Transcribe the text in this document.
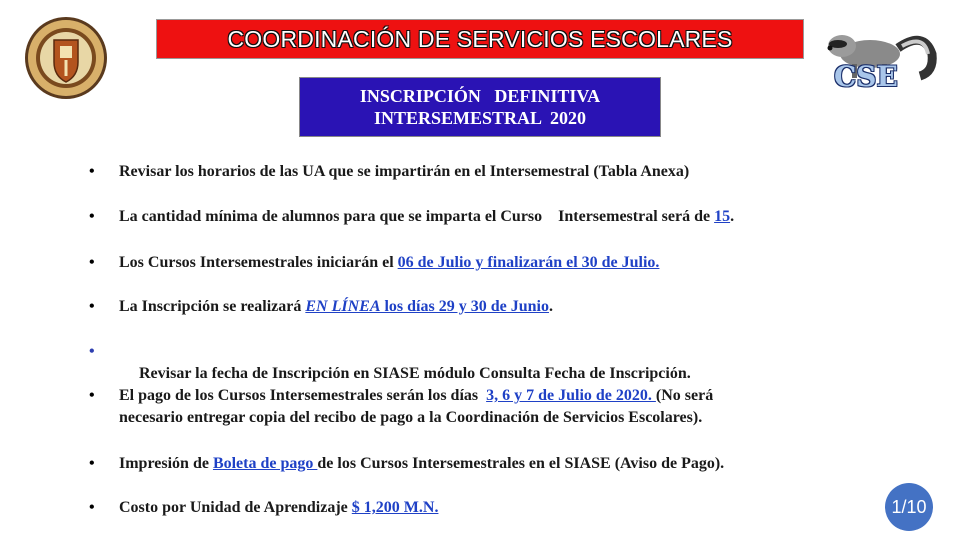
COORDINACIÓN DE SERVICIOS ESCOLARES
CSE
INSCRIPCIÓN   DEFINITIVA
INTERSEMESTRAL  2020
• Revisar los horarios de las UA que se impartirán en el Intersemestral (Tabla Anexa)
• La cantidad mínima de alumnos para que se imparta el Curso    Intersemestral será de 15.
• Los Cursos Intersemestrales iniciarán el 06 de Julio y finalizarán el 30 de Julio.
• La Inscripción se realizará EN LÍNEA los días 29 y 30 de Junio.
•

Revisar la fecha de Inscripción en SIASE módulo Consulta Fecha de Inscripción.

• El pago de los Cursos Intersemestrales serán los días  3, 6 y 7 de Julio de 2020. (No será
necesario entregar copia del recibo de pago a la Coordinación de Servicios Escolares).
• Impresión de Boleta de pago de los Cursos Intersemestrales en el SIASE (Aviso de Pago).
• Costo por Unidad de Aprendizaje $ 1,200 M.N.	1/10
